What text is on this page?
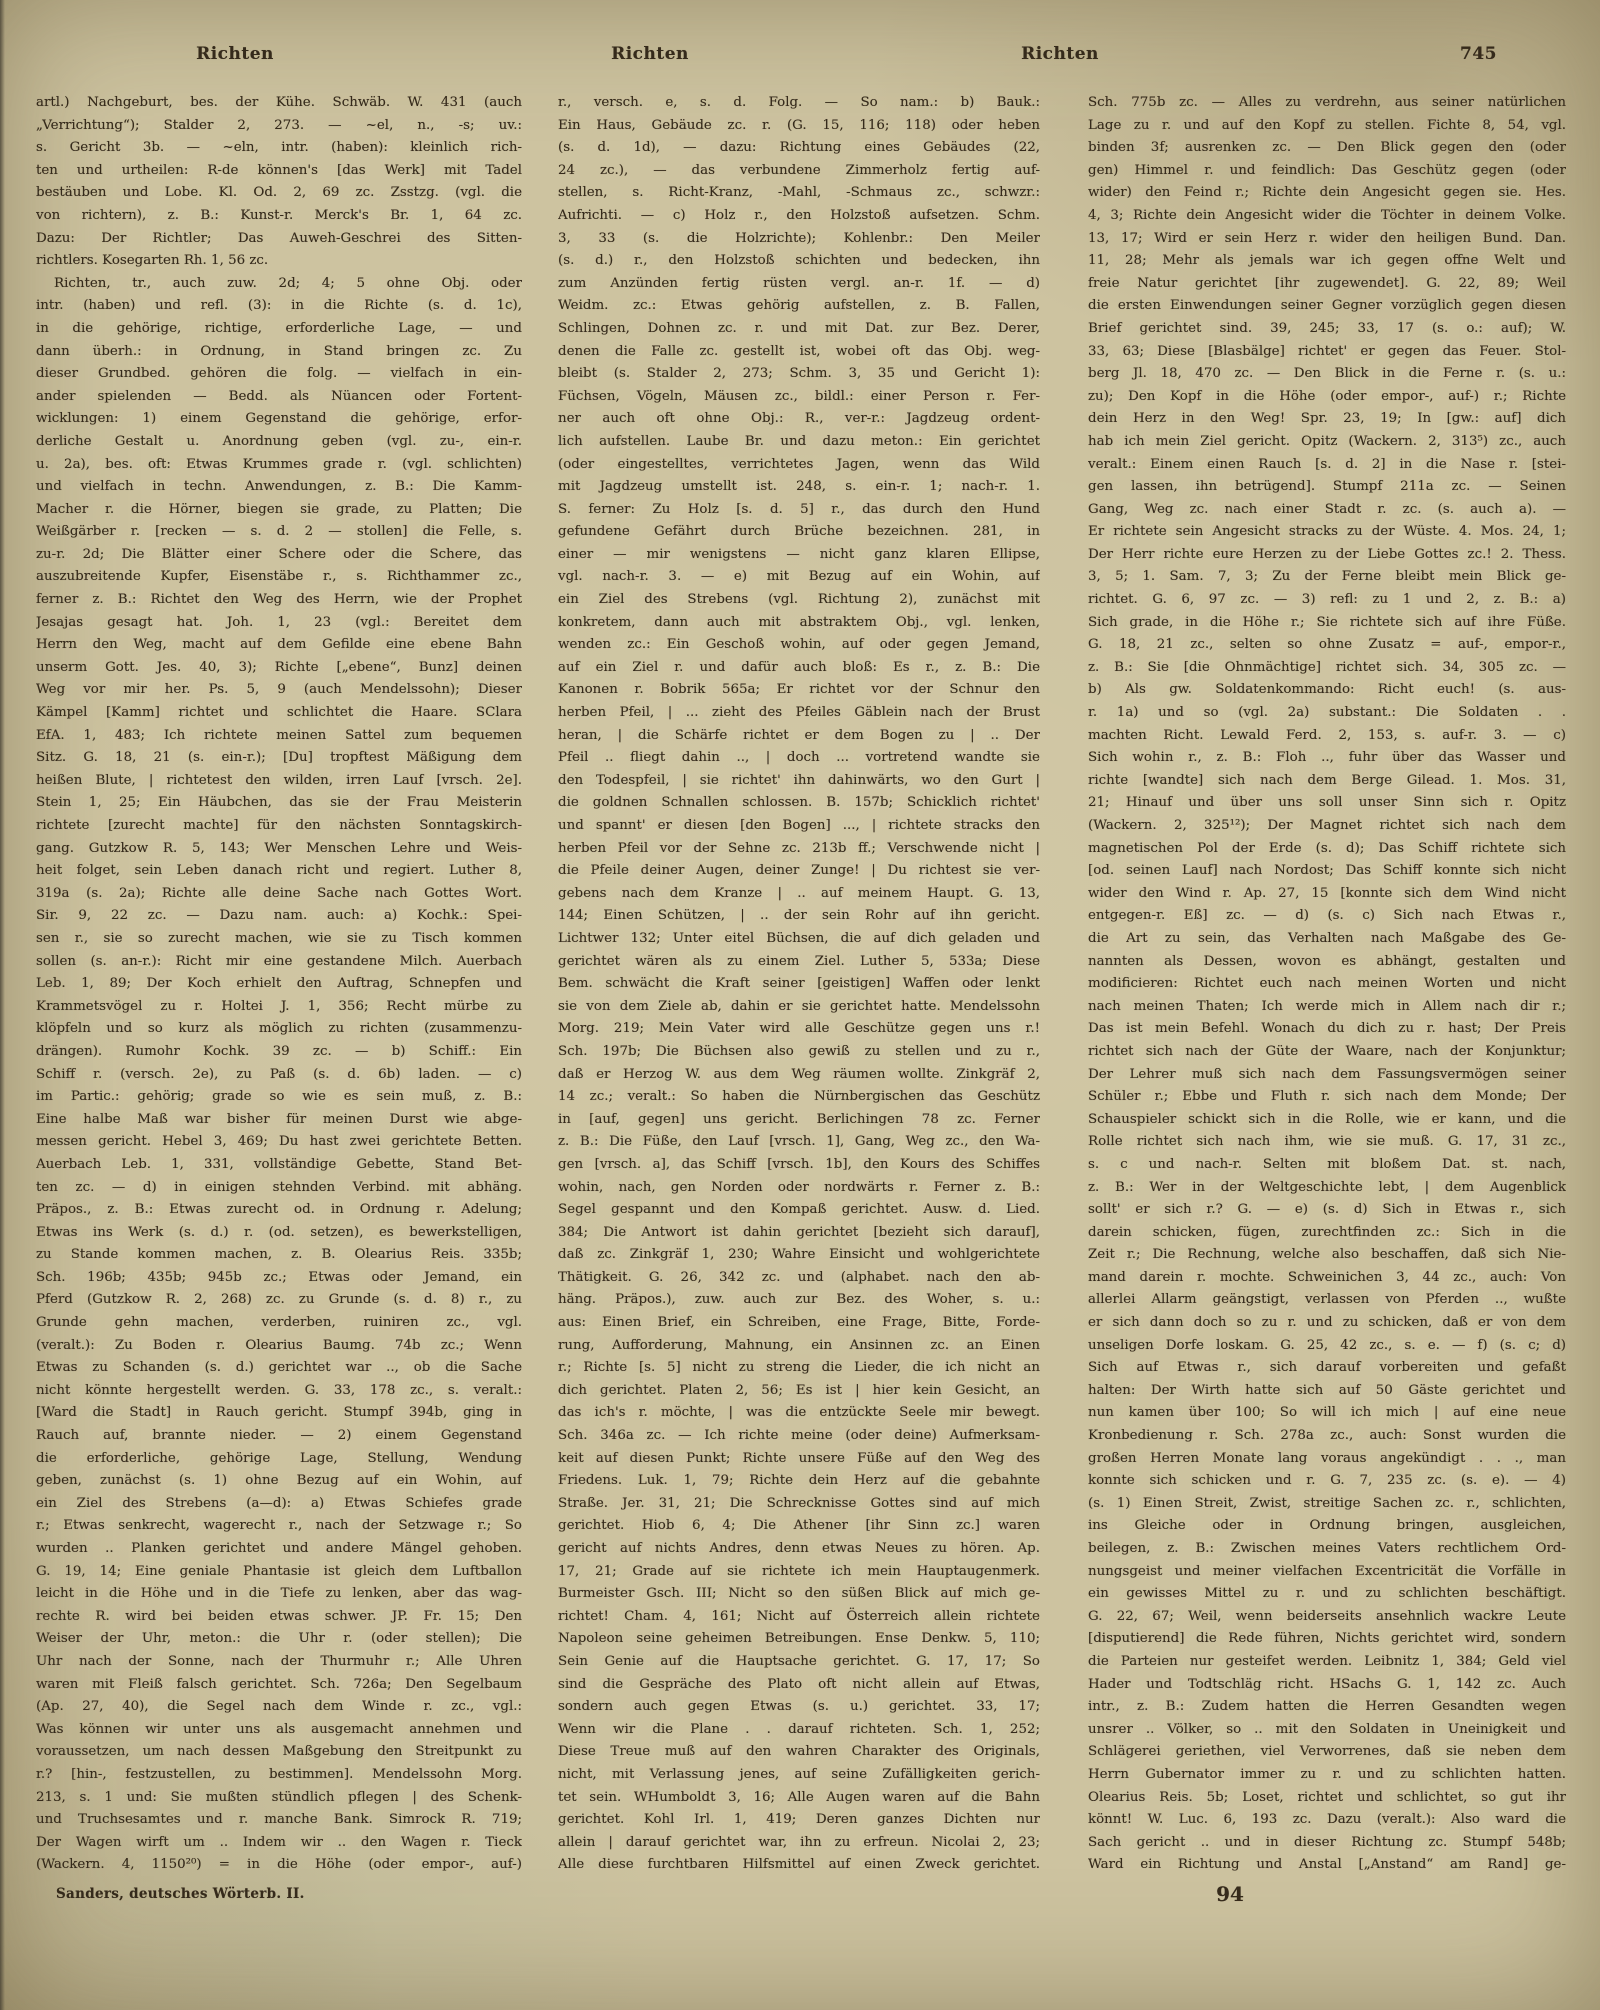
Richten	Richten	Richten	745
artl.) Nachgeburt, bes. der Kühe. Schwäb. W. 431 (auch
„Verrichtung“); Stalder 2, 273. — ~el, n., -s; uv.:
s. Gericht 3b. — ~eln, intr. (haben): kleinlich rich-
ten und urtheilen: R-de können's [das Werk] mit Tadel
bestäuben und Lobe. Kl. Od. 2, 69 zc. Zsstzg. (vgl. die
von richtern), z. B.: Kunst-r. Merck's Br. 1, 64 zc.
Dazu: Der Richtler; Das Auweh-Geschrei des Sitten-
richtlers. Kosegarten Rh. 1, 56 zc.
Richten, tr., auch zuw. 2d; 4; 5 ohne Obj. oder
intr. (haben) und refl. (3): in die Richte (s. d. 1c),
in die gehörige, richtige, erforderliche Lage, — und
dann überh.: in Ordnung, in Stand bringen zc. Zu
dieser Grundbed. gehören die folg. — vielfach in ein-
ander spielenden — Bedd. als Nüancen oder Fortent-
wicklungen: 1) einem Gegenstand die gehörige, erfor-
derliche Gestalt u. Anordnung geben (vgl. zu-, ein-r.
u. 2a), bes. oft: Etwas Krummes grade r. (vgl. schlichten)
und vielfach in techn. Anwendungen, z. B.: Die Kamm-
Macher r. die Hörner, biegen sie grade, zu Platten; Die
Weißgärber r. [recken — s. d. 2 — stollen] die Felle, s.
zu-r. 2d; Die Blätter einer Schere oder die Schere, das
auszubreitende Kupfer, Eisenstäbe r., s. Richthammer zc.,
ferner z. B.: Richtet den Weg des Herrn, wie der Prophet
Jesajas gesagt hat. Joh. 1, 23 (vgl.: Bereitet dem
Herrn den Weg, macht auf dem Gefilde eine ebene Bahn
unserm Gott. Jes. 40, 3); Richte [„ebene“, Bunz] deinen
Weg vor mir her. Ps. 5, 9 (auch Mendelssohn); Dieser
Kämpel [Kamm] richtet und schlichtet die Haare. SClara
EfA. 1, 483; Ich richtete meinen Sattel zum bequemen
Sitz. G. 18, 21 (s. ein-r.); [Du] tropftest Mäßigung dem
heißen Blute, | richtetest den wilden, irren Lauf [vrsch. 2e].
Stein 1, 25; Ein Häubchen, das sie der Frau Meisterin
richtete [zurecht machte] für den nächsten Sonntagskirch-
gang. Gutzkow R. 5, 143; Wer Menschen Lehre und Weis-
heit folget, sein Leben danach richt und regiert. Luther 8,
319a (s. 2a); Richte alle deine Sache nach Gottes Wort.
Sir. 9, 22 zc. — Dazu nam. auch: a) Kochk.: Spei-
sen r., sie so zurecht machen, wie sie zu Tisch kommen
sollen (s. an-r.): Richt mir eine gestandene Milch. Auerbach
Leb. 1, 89; Der Koch erhielt den Auftrag, Schnepfen und
Krammetsvögel zu r. Holtei J. 1, 356; Recht mürbe zu
klöpfeln und so kurz als möglich zu richten (zusammenzu-
drängen). Rumohr Kochk. 39 zc. — b) Schiff.: Ein
Schiff r. (versch. 2e), zu Paß (s. d. 6b) laden. — c)
im Partic.: gehörig; grade so wie es sein muß, z. B.:
Eine halbe Maß war bisher für meinen Durst wie abge-
messen gericht. Hebel 3, 469; Du hast zwei gerichtete Betten.
Auerbach Leb. 1, 331, vollständige Gebette, Stand Bet-
ten zc. — d) in einigen stehnden Verbind. mit abhäng.
Präpos., z. B.: Etwas zurecht od. in Ordnung r. Adelung;
Etwas ins Werk (s. d.) r. (od. setzen), es bewerkstelligen,
zu Stande kommen machen, z. B. Olearius Reis. 335b;
Sch. 196b; 435b; 945b zc.; Etwas oder Jemand, ein
Pferd (Gutzkow R. 2, 268) zc. zu Grunde (s. d. 8) r., zu
Grunde gehn machen, verderben, ruiniren zc., vgl.
(veralt.): Zu Boden r. Olearius Baumg. 74b zc.; Wenn
Etwas zu Schanden (s. d.) gerichtet war .., ob die Sache
nicht könnte hergestellt werden. G. 33, 178 zc., s. veralt.:
[Ward die Stadt] in Rauch gericht. Stumpf 394b, ging in
Rauch auf, brannte nieder. — 2) einem Gegenstand
die erforderliche, gehörige Lage, Stellung, Wendung
geben, zunächst (s. 1) ohne Bezug auf ein Wohin, auf
ein Ziel des Strebens (a—d): a) Etwas Schiefes grade
r.; Etwas senkrecht, wagerecht r., nach der Setzwage r.; So
wurden .. Planken gerichtet und andere Mängel gehoben.
G. 19, 14; Eine geniale Phantasie ist gleich dem Luftballon
leicht in die Höhe und in die Tiefe zu lenken, aber das wag-
rechte R. wird bei beiden etwas schwer. JP. Fr. 15; Den
Weiser der Uhr, meton.: die Uhr r. (oder stellen); Die
Uhr nach der Sonne, nach der Thurmuhr r.; Alle Uhren
waren mit Fleiß falsch gerichtet. Sch. 726a; Den Segelbaum
(Ap. 27, 40), die Segel nach dem Winde r. zc., vgl.:
Was können wir unter uns als ausgemacht annehmen und
voraussetzen, um nach dessen Maßgebung den Streitpunkt zu
r.? [hin-, festzustellen, zu bestimmen]. Mendelssohn Morg.
213, s. 1 und: Sie mußten stündlich pflegen | des Schenk-
und Truchsesamtes und r. manche Bank. Simrock R. 719;
Der Wagen wirft um .. Indem wir .. den Wagen r. Tieck
(Wackern. 4, 1150²⁰) = in die Höhe (oder empor-, auf-)
r., versch. e, s. d. Folg. — So nam.: b) Bauk.:
Ein Haus, Gebäude zc. r. (G. 15, 116; 118) oder heben
(s. d. 1d), — dazu: Richtung eines Gebäudes (22,
24 zc.), — das verbundene Zimmerholz fertig auf-
stellen, s. Richt-Kranz, -Mahl, -Schmaus zc., schwzr.:
Aufrichti. — c) Holz r., den Holzstoß aufsetzen. Schm.
3, 33 (s. die Holzrichte); Kohlenbr.: Den Meiler
(s. d.) r., den Holzstoß schichten und bedecken, ihn
zum Anzünden fertig rüsten vergl. an-r. 1f. — d)
Weidm. zc.: Etwas gehörig aufstellen, z. B. Fallen,
Schlingen, Dohnen zc. r. und mit Dat. zur Bez. Derer,
denen die Falle zc. gestellt ist, wobei oft das Obj. weg-
bleibt (s. Stalder 2, 273; Schm. 3, 35 und Gericht 1):
Füchsen, Vögeln, Mäusen zc., bildl.: einer Person r. Fer-
ner auch oft ohne Obj.: R., ver-r.: Jagdzeug ordent-
lich aufstellen. Laube Br. und dazu meton.: Ein gerichtet
(oder eingestelltes, verrichtetes Jagen, wenn das Wild
mit Jagdzeug umstellt ist. 248, s. ein-r. 1; nach-r. 1.
S. ferner: Zu Holz [s. d. 5] r., das durch den Hund
gefundene Gefährt durch Brüche bezeichnen. 281, in
einer — mir wenigstens — nicht ganz klaren Ellipse,
vgl. nach-r. 3. — e) mit Bezug auf ein Wohin, auf
ein Ziel des Strebens (vgl. Richtung 2), zunächst mit
konkretem, dann auch mit abstraktem Obj., vgl. lenken,
wenden zc.: Ein Geschoß wohin, auf oder gegen Jemand,
auf ein Ziel r. und dafür auch bloß: Es r., z. B.: Die
Kanonen r. Bobrik 565a; Er richtet vor der Schnur den
herben Pfeil, | ... zieht des Pfeiles Gäblein nach der Brust
heran, | die Schärfe richtet er dem Bogen zu | .. Der
Pfeil .. fliegt dahin .., | doch ... vortretend wandte sie
den Todespfeil, | sie richtet' ihn dahinwärts, wo den Gurt |
die goldnen Schnallen schlossen. B. 157b; Schicklich richtet'
und spannt' er diesen [den Bogen] ..., | richtete stracks den
herben Pfeil vor der Sehne zc. 213b ff.; Verschwende nicht |
die Pfeile deiner Augen, deiner Zunge! | Du richtest sie ver-
gebens nach dem Kranze | .. auf meinem Haupt. G. 13,
144; Einen Schützen, | .. der sein Rohr auf ihn gericht.
Lichtwer 132; Unter eitel Büchsen, die auf dich geladen und
gerichtet wären als zu einem Ziel. Luther 5, 533a; Diese
Bem. schwächt die Kraft seiner [geistigen] Waffen oder lenkt
sie von dem Ziele ab, dahin er sie gerichtet hatte. Mendelssohn
Morg. 219; Mein Vater wird alle Geschütze gegen uns r.!
Sch. 197b; Die Büchsen also gewiß zu stellen und zu r.,
daß er Herzog W. aus dem Weg räumen wollte. Zinkgräf 2,
14 zc.; veralt.: So haben die Nürnbergischen das Geschütz
in [auf, gegen] uns gericht. Berlichingen 78 zc. Ferner
z. B.: Die Füße, den Lauf [vrsch. 1], Gang, Weg zc., den Wa-
gen [vrsch. a], das Schiff [vrsch. 1b], den Kours des Schiffes
wohin, nach, gen Norden oder nordwärts r. Ferner z. B.:
Segel gespannt und den Kompaß gerichtet. Ausw. d. Lied.
384; Die Antwort ist dahin gerichtet [bezieht sich darauf],
daß zc. Zinkgräf 1, 230; Wahre Einsicht und wohlgerichtete
Thätigkeit. G. 26, 342 zc. und (alphabet. nach den ab-
häng. Präpos.), zuw. auch zur Bez. des Woher, s. u.:
aus: Einen Brief, ein Schreiben, eine Frage, Bitte, Forde-
rung, Aufforderung, Mahnung, ein Ansinnen zc. an Einen
r.; Richte [s. 5] nicht zu streng die Lieder, die ich nicht an
dich gerichtet. Platen 2, 56; Es ist | hier kein Gesicht, an
das ich's r. möchte, | was die entzückte Seele mir bewegt.
Sch. 346a zc. — Ich richte meine (oder deine) Aufmerksam-
keit auf diesen Punkt; Richte unsere Füße auf den Weg des
Friedens. Luk. 1, 79; Richte dein Herz auf die gebahnte
Straße. Jer. 31, 21; Die Schrecknisse Gottes sind auf mich
gerichtet. Hiob 6, 4; Die Athener [ihr Sinn zc.] waren
gericht auf nichts Andres, denn etwas Neues zu hören. Ap.
17, 21; Grade auf sie richtete ich mein Hauptaugenmerk.
Burmeister Gsch. III; Nicht so den süßen Blick auf mich ge-
richtet! Cham. 4, 161; Nicht auf Österreich allein richtete
Napoleon seine geheimen Betreibungen. Ense Denkw. 5, 110;
Sein Genie auf die Hauptsache gerichtet. G. 17, 17; So
sind die Gespräche des Plato oft nicht allein auf Etwas,
sondern auch gegen Etwas (s. u.) gerichtet. 33, 17;
Wenn wir die Plane . . darauf richteten. Sch. 1, 252;
Diese Treue muß auf den wahren Charakter des Originals,
nicht, mit Verlassung jenes, auf seine Zufälligkeiten gerich-
tet sein. WHumboldt 3, 16; Alle Augen waren auf die Bahn
gerichtet. Kohl Irl. 1, 419; Deren ganzes Dichten nur
allein | darauf gerichtet war, ihn zu erfreun. Nicolai 2, 23;
Alle diese furchtbaren Hilfsmittel auf einen Zweck gerichtet.
Sch. 775b zc. — Alles zu verdrehn, aus seiner natürlichen
Lage zu r. und auf den Kopf zu stellen. Fichte 8, 54, vgl.
binden 3f; ausrenken zc. — Den Blick gegen den (oder
gen) Himmel r. und feindlich: Das Geschütz gegen (oder
wider) den Feind r.; Richte dein Angesicht gegen sie. Hes.
4, 3; Richte dein Angesicht wider die Töchter in deinem Volke.
13, 17; Wird er sein Herz r. wider den heiligen Bund. Dan.
11, 28; Mehr als jemals war ich gegen offne Welt und
freie Natur gerichtet [ihr zugewendet]. G. 22, 89; Weil
die ersten Einwendungen seiner Gegner vorzüglich gegen diesen
Brief gerichtet sind. 39, 245; 33, 17 (s. o.: auf); W.
33, 63; Diese [Blasbälge] richtet' er gegen das Feuer. Stol-
berg Jl. 18, 470 zc. — Den Blick in die Ferne r. (s. u.:
zu); Den Kopf in die Höhe (oder empor-, auf-) r.; Richte
dein Herz in den Weg! Spr. 23, 19; In [gw.: auf] dich
hab ich mein Ziel gericht. Opitz (Wackern. 2, 313⁵) zc., auch
veralt.: Einem einen Rauch [s. d. 2] in die Nase r. [stei-
gen lassen, ihn betrügend]. Stumpf 211a zc. — Seinen
Gang, Weg zc. nach einer Stadt r. zc. (s. auch a). —
Er richtete sein Angesicht stracks zu der Wüste. 4. Mos. 24, 1;
Der Herr richte eure Herzen zu der Liebe Gottes zc.! 2. Thess.
3, 5; 1. Sam. 7, 3; Zu der Ferne bleibt mein Blick ge-
richtet. G. 6, 97 zc. — 3) refl: zu 1 und 2, z. B.: a)
Sich grade, in die Höhe r.; Sie richtete sich auf ihre Füße.
G. 18, 21 zc., selten so ohne Zusatz = auf-, empor-r.,
z. B.: Sie [die Ohnmächtige] richtet sich. 34, 305 zc. —
b) Als gw. Soldatenkommando: Richt euch! (s. aus-
r. 1a) und so (vgl. 2a) substant.: Die Soldaten . .
machten Richt. Lewald Ferd. 2, 153, s. auf-r. 3. — c)
Sich wohin r., z. B.: Floh .., fuhr über das Wasser und
richte [wandte] sich nach dem Berge Gilead. 1. Mos. 31,
21; Hinauf und über uns soll unser Sinn sich r. Opitz
(Wackern. 2, 325¹²); Der Magnet richtet sich nach dem
magnetischen Pol der Erde (s. d); Das Schiff richtete sich
[od. seinen Lauf] nach Nordost; Das Schiff konnte sich nicht
wider den Wind r. Ap. 27, 15 [konnte sich dem Wind nicht
entgegen-r. Eß] zc. — d) (s. c) Sich nach Etwas r.,
die Art zu sein, das Verhalten nach Maßgabe des Ge-
nannten als Dessen, wovon es abhängt, gestalten und
modificieren: Richtet euch nach meinen Worten und nicht
nach meinen Thaten; Ich werde mich in Allem nach dir r.;
Das ist mein Befehl. Wonach du dich zu r. hast; Der Preis
richtet sich nach der Güte der Waare, nach der Konjunktur;
Der Lehrer muß sich nach dem Fassungsvermögen seiner
Schüler r.; Ebbe und Fluth r. sich nach dem Monde; Der
Schauspieler schickt sich in die Rolle, wie er kann, und die
Rolle richtet sich nach ihm, wie sie muß. G. 17, 31 zc.,
s. c und nach-r. Selten mit bloßem Dat. st. nach,
z. B.: Wer in der Weltgeschichte lebt, | dem Augenblick
sollt' er sich r.? G. — e) (s. d) Sich in Etwas r., sich
darein schicken, fügen, zurechtfinden zc.: Sich in die
Zeit r.; Die Rechnung, welche also beschaffen, daß sich Nie-
mand darein r. mochte. Schweinichen 3, 44 zc., auch: Von
allerlei Allarm geängstigt, verlassen von Pferden .., wußte
er sich dann doch so zu r. und zu schicken, daß er von dem
unseligen Dorfe loskam. G. 25, 42 zc., s. e. — f) (s. c; d)
Sich auf Etwas r., sich darauf vorbereiten und gefaßt
halten: Der Wirth hatte sich auf 50 Gäste gerichtet und
nun kamen über 100; So will ich mich | auf eine neue
Kronbedienung r. Sch. 278a zc., auch: Sonst wurden die
großen Herren Monate lang voraus angekündigt . . ., man
konnte sich schicken und r. G. 7, 235 zc. (s. e). — 4)
(s. 1) Einen Streit, Zwist, streitige Sachen zc. r., schlichten,
ins Gleiche oder in Ordnung bringen, ausgleichen,
beilegen, z. B.: Zwischen meines Vaters rechtlichem Ord-
nungsgeist und meiner vielfachen Excentricität die Vorfälle in
ein gewisses Mittel zu r. und zu schlichten beschäftigt.
G. 22, 67; Weil, wenn beiderseits ansehnlich wackre Leute
[disputierend] die Rede führen, Nichts gerichtet wird, sondern
die Parteien nur gesteifet werden. Leibnitz 1, 384; Geld viel
Hader und Todtschläg richt. HSachs G. 1, 142 zc. Auch
intr., z. B.: Zudem hatten die Herren Gesandten wegen
unsrer .. Völker, so .. mit den Soldaten in Uneinigkeit und
Schlägerei geriethen, viel Verworrenes, daß sie neben dem
Herrn Gubernator immer zu r. und zu schlichten hatten.
Olearius Reis. 5b; Loset, richtet und schlichtet, so gut ihr
könnt! W. Luc. 6, 193 zc. Dazu (veralt.): Also ward die
Sach gericht .. und in dieser Richtung zc. Stumpf 548b;
Ward ein Richtung und Anstal [„Anstand“ am Rand] ge-
Sanders, deutsches Wörterb. II.	94
